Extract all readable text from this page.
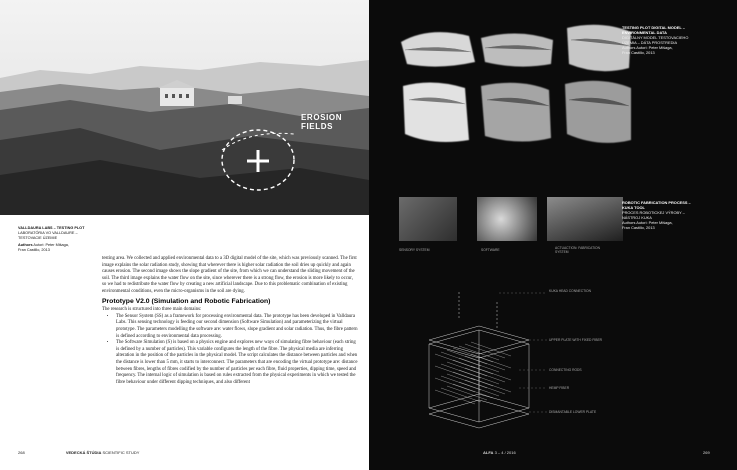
EROSION
FIELDS
VALLDAURA LABS – TESTING PLOT
LABORATÓRIA VO VALLDAURE –
TESTOVACIE ÚZEMIE
Authors Autori: Peter Mišaga,
Fran Castillo, 2013

testing area. We collected and applied environmental data to a 3D digital model of the site, which was previously scanned. The first image explains the solar radiation study, showing that wherever there is higher solar radiation the soil dries up quickly and again causes erosion. The second image shows the slope gradient of the site, from which we can understand the sliding movement of the soil. The third image explains the water flow on the site, since wherever there is a strong flow, the erosion is more likely to occur, so we had to redistribute the water flow by creating a new artificial landscape. Due to this problematic combination of existing environmental conditions, even the micro-organisms in the soil are dying.

Prototype V2.0 (Simulation and Robotic Fabrication)

The research is structured into three main domains:

• The Sensor System (SS) as a framework for processing environmental data. The prototype has been developed in Valldaura Labs. This sensing technology is feeding our second dimension (Software Simulation) and parameterizing the virtual prototype. The parameters modelling the software are: water flows, slope gradient and solar radiation. Thus, the fibre pattern is defined according to environmental data processing.
• The Software Simulation (S) is based on a physics engine and explores new ways of simulating fibre behaviour (each string is defined by a number of particles). This variable configures the length of the fibre. The physical media are inferring alteration in the position of the particles in the physical model. The script calculates the distance between particles and when the distance is lower than 5 mm, it starts to interconnect. The parameters that are encoding the virtual prototype are: distance between fibres, lengths of fibres codified by the number of particles per each fibre, fluid properties, dipping time, speed and frequency. The internal logic of simulation is based on rules extracted from the physical experiments in which we tested the fibre behaviour under different dipping techniques, and also different
268	VEDECKÁ ŠTÚDIA SCIENTIFIC STUDY
TESTING PLOT DIGITAL MODEL –
ENVIRONMENTAL DATA
DIGITÁLNY MODEL TESTOVACIEHO
ÚZEMIA – DÁTA PROSTREDIA
Authors Autori: Peter Mišaga,
Fran Castillo, 2013
SENSORY SYSTEM	SOFTWARE	ACTUACTION: FABRICATION
SYSTEM
ROBOTIC FABRICATION PROCESS –
KUKA TOOL
PROCES ROBOTICKEJ VÝROBY –
NÁSTROJ KUKA
Authors Autori: Peter Mišaga,
Fran Castillo, 2013
KUKA HEAD CONNECTION
UPPER PLATE WITH FIXED FIBER
CONNECTING RODS
HEMP FIBER
DISMANTABLE LOWER PLATE
ALFA 3 – 4 / 2016	269
